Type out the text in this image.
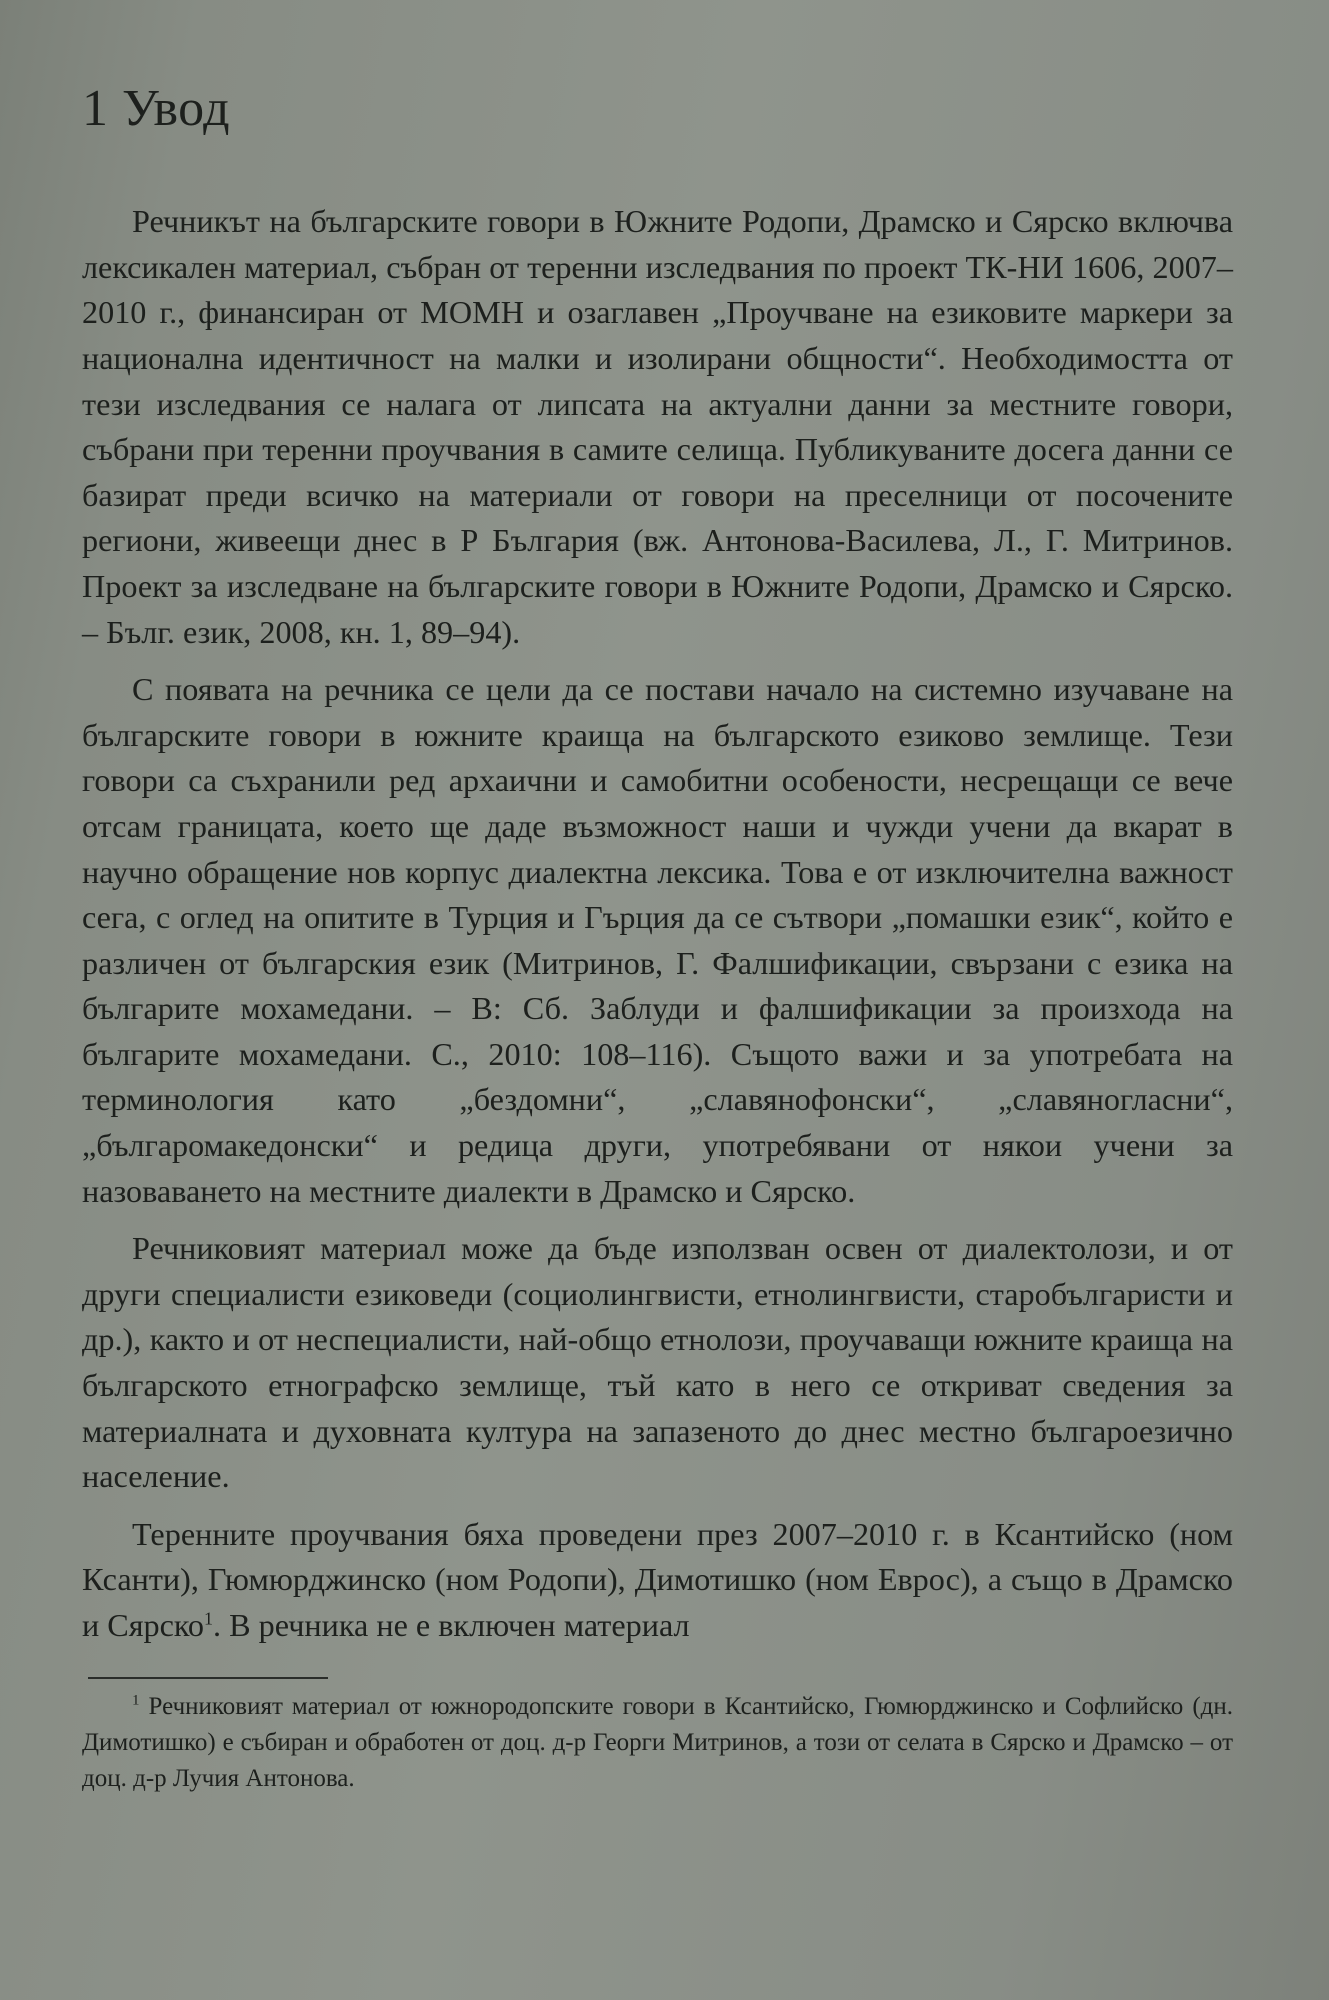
1 Увод

Речникът на българските говори в Южните Родопи, Драмско и Сярско включва лексикален материал, събран от теренни изследвания по проект ТК-НИ 1606, 2007–2010 г., финансиран от МОМН и озаглавен „Проучване на езиковите маркери за национална идентичност на малки и изолирани общности“. Необходимостта от тези изследвания се налага от липсата на актуални данни за местните говори, събрани при теренни проучвания в самите селища. Публикуваните досега данни се базират преди всичко на материали от говори на преселници от посочените региони, живеещи днес в Р България (вж. Антонова-Василева, Л., Г. Митринов. Проект за изследване на българските говори в Южните Родопи, Драмско и Сярско. – Бълг. език, 2008, кн. 1, 89–94).

С появата на речника се цели да се постави начало на системно изучаване на българските говори в южните краища на българското езиково землище. Тези говори са съхранили ред архаични и самобитни особености, несрещащи се вече отсам границата, което ще даде възможност наши и чужди учени да вкарат в научно обращение нов корпус диалектна лексика. Това е от изключителна важност сега, с оглед на опитите в Турция и Гърция да се сътвори „помашки език“, който е различен от българския език (Митринов, Г. Фалшификации, свързани с езика на българите мохамедани. – В: Сб. Заблуди и фалшификации за произхода на българите мохамедани. С., 2010: 108–116). Същото важи и за употребата на терминология като „бездомни“, „славянофонски“, „славяногласни“, „българомакедонски“ и редица други, употребявани от някои учени за назоваването на местните диалекти в Драмско и Сярско.

Речниковият материал може да бъде използван освен от диалектолози, и от други специалисти езиковеди (социолингвисти, етнолингвисти, старобългаристи и др.), както и от неспециалисти, най-общо етнолози, проучаващи южните краища на българското етнографско землище, тъй като в него се откриват сведения за материалната и духовната култура на запазеното до днес местно българоезично население.

Теренните проучвания бяха проведени през 2007–2010 г. в Ксантийско (ном Ксанти), Гюмюрджинско (ном Родопи), Димотишко (ном Еврос), а също в Драмско и Сярско$^1$. В речника не е включен материал

$^1$ Речниковият материал от южнородопските говори в Ксантийско, Гюмюрджинско и Софлийско (дн. Димотишко) е събиран и обработен от доц. д-р Георги Митринов, а този от селата в Сярско и Драмско – от доц. д-р Лучия Антонова.
